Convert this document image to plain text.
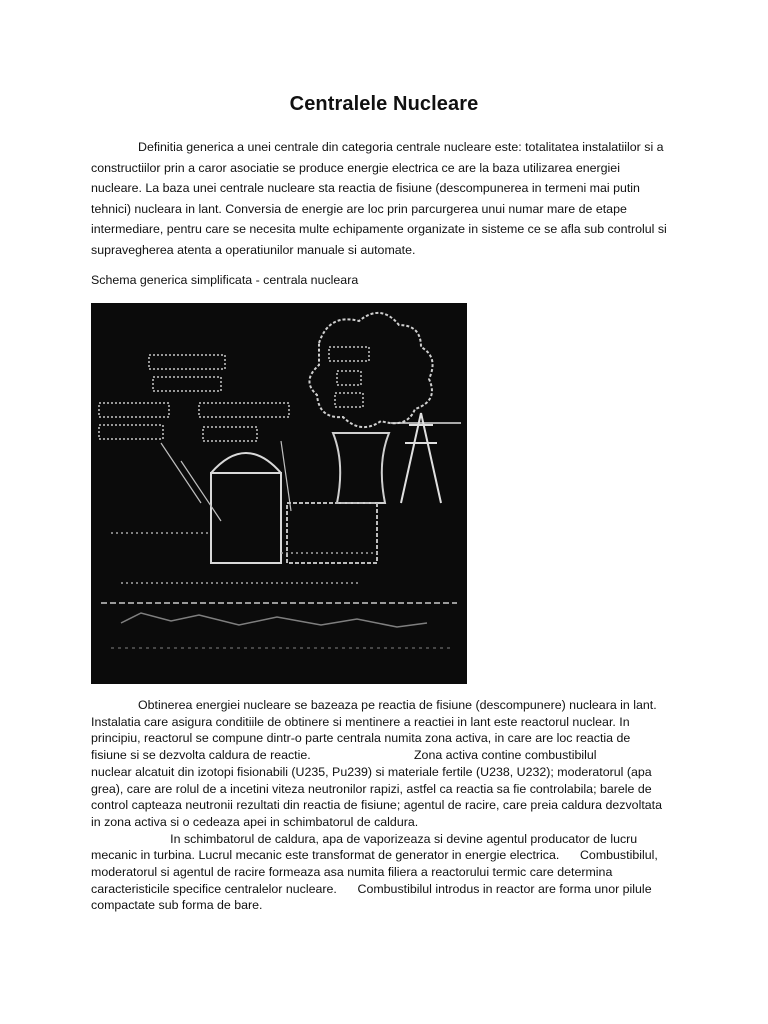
Centralele Nucleare

Definitia generica a unei centrale din categoria centrale nucleare este: totalitatea instalatiilor si a
constructiilor prin a caror asociatie se produce energie electrica ce are la baza utilizarea energiei
nucleare. La baza unei centrale nucleare sta reactia de fisiune (descompunerea in termeni mai putin
tehnici) nucleara in lant. Conversia de energie are loc prin parcurgerea unui numar mare de etape
intermediare, pentru care se necesita multe echipamente organizate in sisteme ce se afla sub controlul si
supravegherea atenta a operatiunilor manuale si automate.

Schema generica simplificata - centrala nucleara

Obtinerea energiei nucleare se bazeaza pe reactia de fisiune (descompunere) nucleara in lant.
Instalatia care asigura conditiile de obtinere si mentinere a reactiei in lant este reactorul nuclear. In
principiu, reactorul se compune dintr-o parte centrala numita zona activa, in care are loc reactia de
fisiune si se dezvolta caldura de reactie.                              Zona activa contine combustibilul
nuclear alcatuit din izotopi fisionabili (U235, Pu239) si materiale fertile (U238, U232); moderatorul (apa
grea), care are rolul de a incetini viteza neutronilor rapizi, astfel ca reactia sa fie controlabila; barele de
control capteaza neutronii rezultati din reactia de fisiune; agentul de racire, care preia caldura dezvoltata
in zona activa si o cedeaza apei in schimbatorul de caldura.
In schimbatorul de caldura, apa de vaporizeaza si devine agentul producator de lucru
mecanic in turbina. Lucrul mecanic este transformat de generator in energie electrica.      Combustibilul,
moderatorul si agentul de racire formeaza asa numita filiera a reactorului termic care determina
caracteristicile specifice centralelor nucleare.      Combustibilul introdus in reactor are forma unor pilule
compactate sub forma de bare.
